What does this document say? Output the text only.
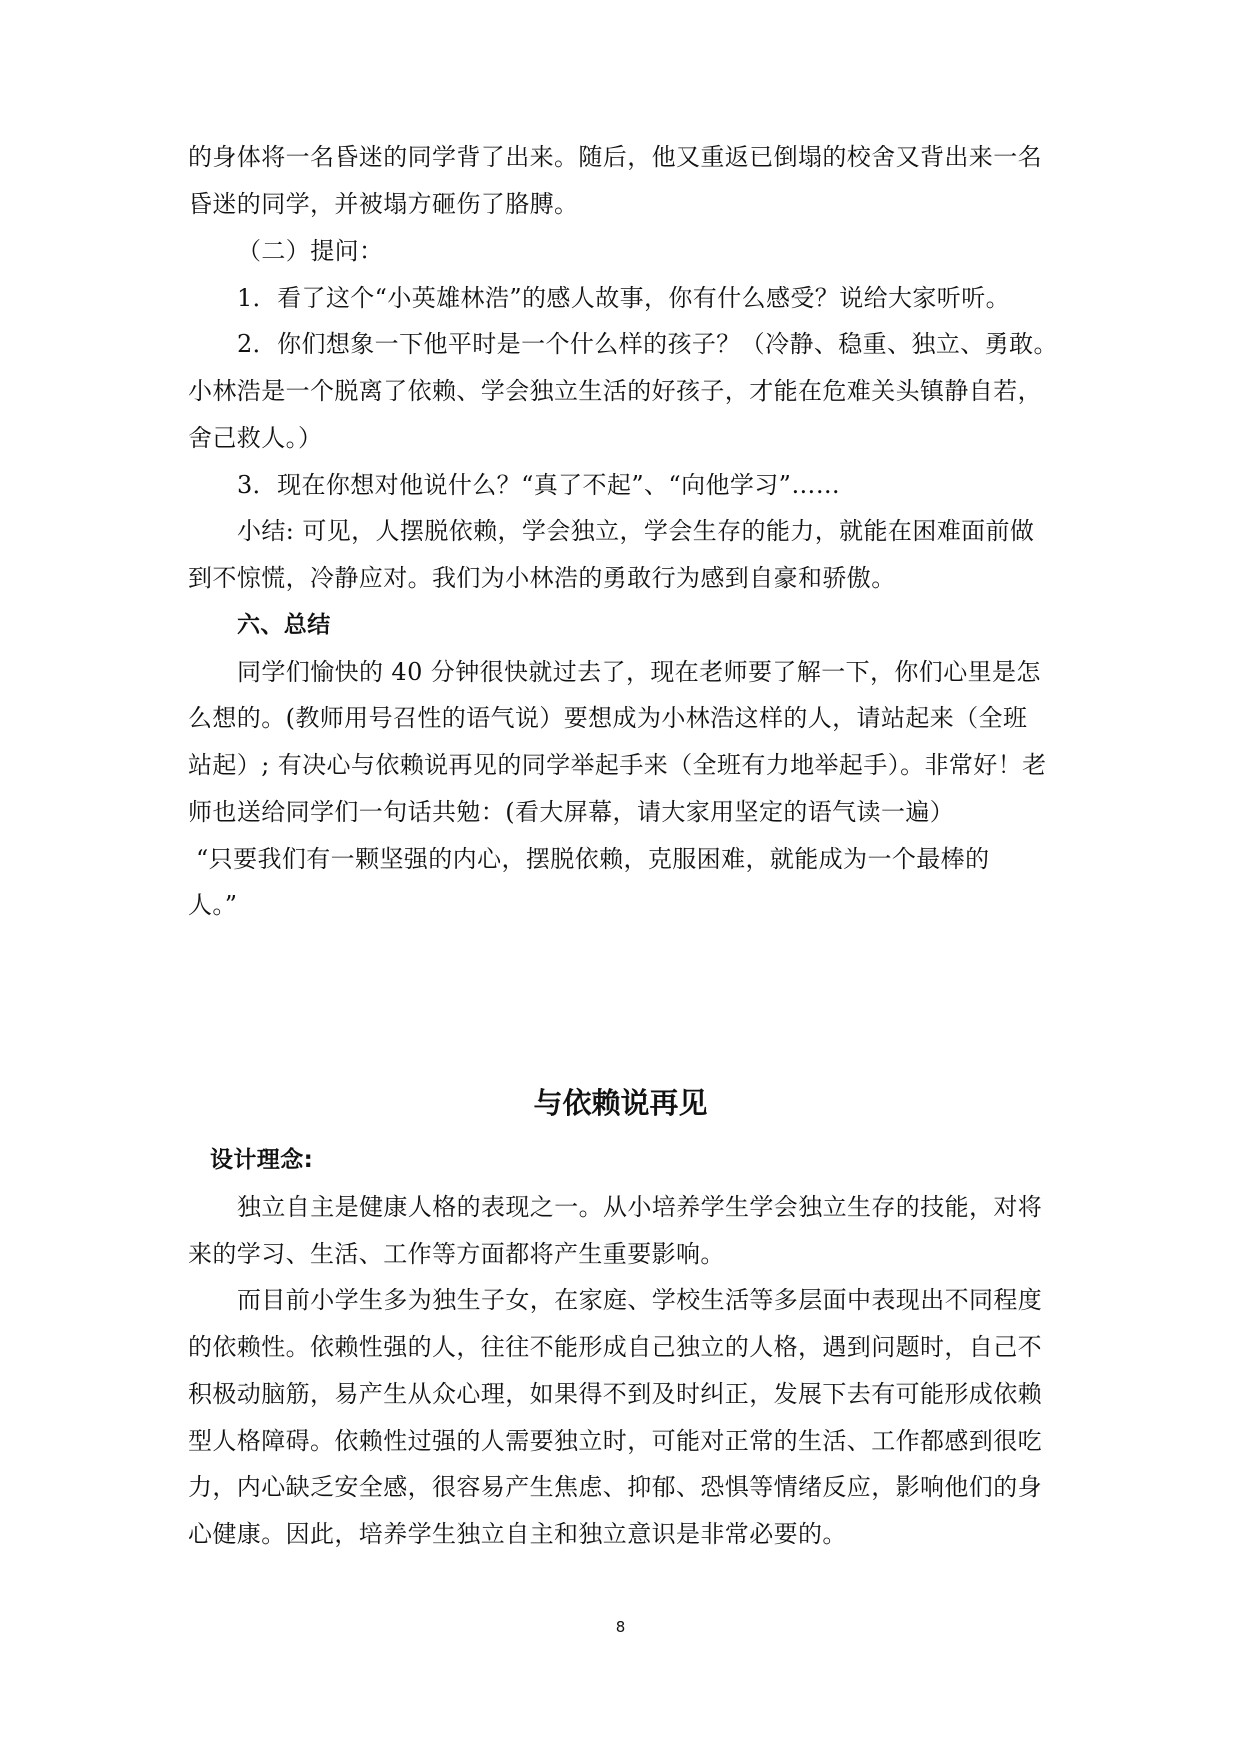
的身体将一名昏迷的同学背了出来。随后，他又重返已倒塌的校舍又背出来一名
昏迷的同学，并被塌方砸伤了胳膊。
（二）提问：
1．看了这个“小英雄林浩”的感人故事，你有什么感受？说给大家听听。
2．你们想象一下他平时是一个什么样的孩子？（冷静、稳重、独立、勇敢。
小林浩是一个脱离了依赖、学会独立生活的好孩子，才能在危难关头镇静自若，
舍己救人。）
3．现在你想对他说什么？“真了不起”、“向他学习”……
小结: 可见，人摆脱依赖，学会独立，学会生存的能力，就能在困难面前做
到不惊慌，冷静应对。我们为小林浩的勇敢行为感到自豪和骄傲。
六、总结
同学们愉快的 40 分钟很快就过去了，现在老师要了解一下，你们心里是怎
么想的。(教师用号召性的语气说）要想成为小林浩这样的人，请站起来（全班
站起）; 有决心与依赖说再见的同学举起手来（全班有力地举起手）。非常好！老
师也送给同学们一句话共勉：(看大屏幕，请大家用坚定的语气读一遍）
“只要我们有一颗坚强的内心，摆脱依赖，克服困难，就能成为一个最棒的
人。”
与依赖说再见
设计理念:
独立自主是健康人格的表现之一。从小培养学生学会独立生存的技能，对将
来的学习、生活、工作等方面都将产生重要影响。
而目前小学生多为独生子女，在家庭、学校生活等多层面中表现出不同程度
的依赖性。依赖性强的人，往往不能形成自己独立的人格，遇到问题时，自己不
积极动脑筋，易产生从众心理，如果得不到及时纠正，发展下去有可能形成依赖
型人格障碍。依赖性过强的人需要独立时，可能对正常的生活、工作都感到很吃
力，内心缺乏安全感，很容易产生焦虑、抑郁、恐惧等情绪反应，影响他们的身
心健康。因此，培养学生独立自主和独立意识是非常必要的。
8
